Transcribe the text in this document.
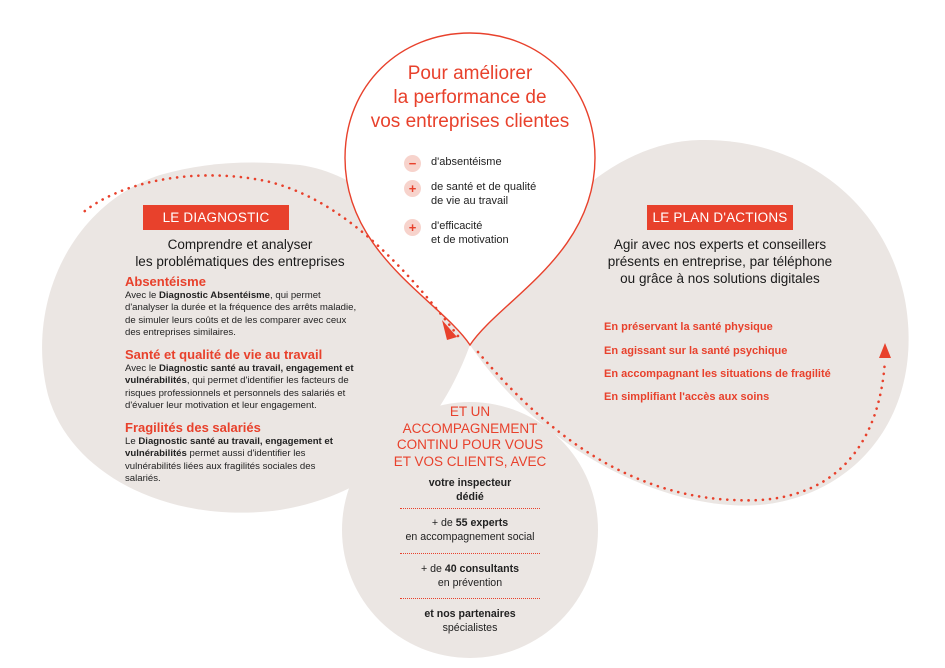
Pour améliorer
la performance de
vos entreprises clientes
−	d'absentéisme
+	de santé et de qualité
de vie au travail
+	d'efficacité
et de motivation
LE DIAGNOSTIC
Comprendre et analyser
les problématiques des entreprises

Absentéisme

Avec le Diagnostic Absentéisme, qui permet d'analyser la durée et la fréquence des arrêts maladie, de simuler leurs coûts et de les comparer avec ceux des entreprises similaires.

Santé et qualité de vie au travail

Avec le Diagnostic santé au travail, engagement et vulnérabilités, qui permet d'identifier les facteurs de risques professionnels et personnels des salariés et d'évaluer leur motivation et leur engagement.

Fragilités des salariés

Le Diagnostic santé au travail, engagement et vulnérabilités permet aussi d'identifier les vulnérabilités liées aux fragilités sociales des salariés.

ET UN
ACCOMPAGNEMENT
CONTINU POUR VOUS
ET VOS CLIENTS, AVEC
votre inspecteur
dédié
+ de 55 experts
en accompagnement social
+ de 40 consultants
en prévention
et nos partenaires
spécialistes
LE PLAN D'ACTIONS
Agir avec nos experts et conseillers
présents en entreprise, par téléphone
ou grâce à nos solutions digitales
En préservant la santé physique
En agissant sur la santé psychique
En accompagnant les situations de fragilité
En simplifiant l'accès aux soins
